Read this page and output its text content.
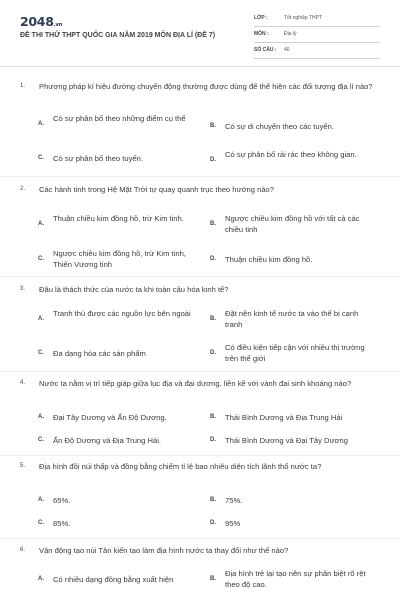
2048.vn
ĐỀ THI THỬ THPT QUỐC GIA NĂM 2019 MÔN ĐỊA LÍ (ĐỀ 7)
LỚP :	Tốt nghiệp THPT
MÔN :	Địa lý
SỐ CÂU : 40
1. Phương pháp kí hiệu đường chuyển động thường được dùng để thể hiện các đối tượng địa lí nào?
A.
Có sự phân bố theo những điểm cụ thể
B. Có sự di chuyển theo các tuyến.
C. Có sự phân bố theo tuyến.	D.
Có sự phân bố rải rác theo không gian.
2. Các hành tinh trong Hệ Mặt Trời tự quay quanh trục theo hướng nào?
A.
Thuận chiều kim đồng hồ, trừ Kim tinh.
B.
Ngược chiều kim đồng hồ với tất cả các chiều tinh
C.
Ngược chiều kim đồng hồ, trừ Kim tinh, Thiên Vương tinh
D. Thuận chiều kim đồng hồ.
3. Đâu là thách thức của nước ta khi toàn cầu hóa kinh tế?
A.
Tranh thủ được các nguồn lực bên ngoài
B.
Đặt nền kinh tế nước ta vào thế bị cạnh tranh
C. Đa dạng hóa các sản phẩm	D.
Có điều kiện tiếp cận với nhiều thị trường trên thế giới
4. Nước ta nằm vị trí tiếp giáp giữa lục địa và đại dương, liền kề với vành đai sinh khoáng nào?
A. Đại Tây Dương và Ấn Độ Dương.	B. Thái Bình Dương và Địa Trung Hải
C. Ấn Độ Dương và Địa Trung Hải.	D. Thái Bình Dương và Đại Tây Dương
5. Địa hình đồi núi thấp và đồng bằng chiếm tỉ lệ bao nhiêu diện tích lãnh thổ nước ta?
A. 65%.	B. 75%.
C. 85%.	D. 95%
6. Vận động tạo núi Tân kiến tạo làm địa hình nước ta thay đổi như thế nào?
A. Có nhiều dạng đồng bằng xuất hiện	B.
Địa hình trẻ lại tạo nên sự phân biệt rõ rệt theo độ cao.
